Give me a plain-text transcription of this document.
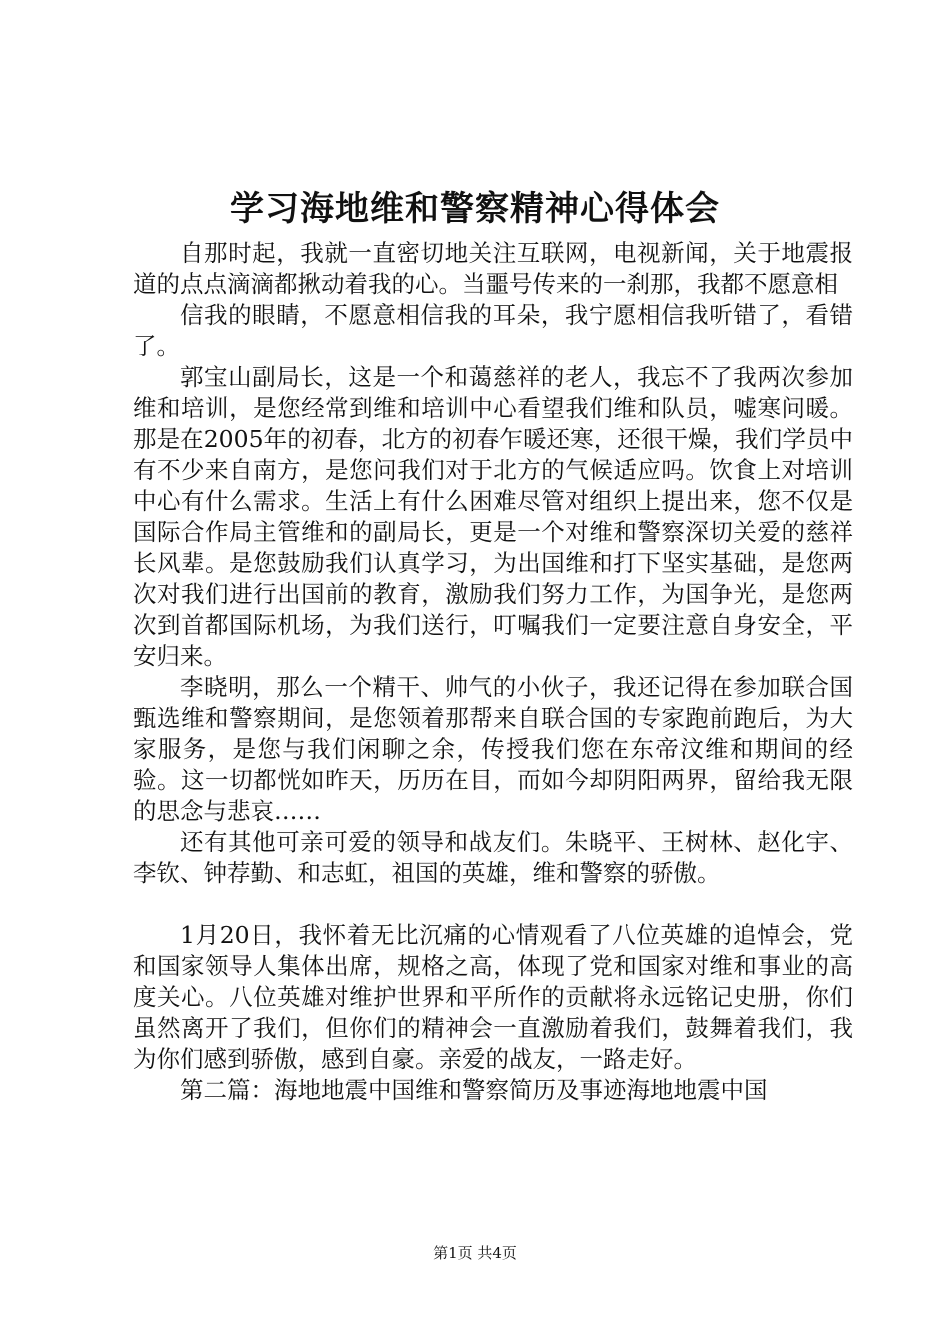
学习海地维和警察精神心得体会

自那时起，我就一直密切地关注互联网，电视新闻，关于地震报道的点点滴滴都揪动着我的心。当噩号传来的一刹那，我都不愿意相

信我的眼睛，不愿意相信我的耳朵，我宁愿相信我听错了，看错了。

郭宝山副局长，这是一个和蔼慈祥的老人，我忘不了我两次参加维和培训，是您经常到维和培训中心看望我们维和队员，嘘寒问暖。那是在2005年的初春，北方的初春乍暖还寒，还很干燥，我们学员中有不少来自南方，是您问我们对于北方的气候适应吗。饮食上对培训中心有什么需求。生活上有什么困难尽管对组织上提出来，您不仅是国际合作局主管维和的副局长，更是一个对维和警察深切关爱的慈祥长风辈。是您鼓励我们认真学习，为出国维和打下坚实基础，是您两次对我们进行出国前的教育，激励我们努力工作，为国争光，是您两次到首都国际机场，为我们送行，叮嘱我们一定要注意自身安全，平安归来。

李晓明，那么一个精干、帅气的小伙子，我还记得在参加联合国甄选维和警察期间，是您领着那帮来自联合国的专家跑前跑后，为大家服务，是您与我们闲聊之余，传授我们您在东帝汶维和期间的经验。这一切都恍如昨天，历历在目，而如今却阴阳两界，留给我无限的思念与悲哀……

还有其他可亲可爱的领导和战友们。朱晓平、王树林、赵化宇、李钦、钟荐勤、和志虹，祖国的英雄，维和警察的骄傲。

1月20日，我怀着无比沉痛的心情观看了八位英雄的追悼会，党和国家领导人集体出席，规格之高，体现了党和国家对维和事业的高度关心。八位英雄对维护世界和平所作的贡献将永远铭记史册，你们虽然离开了我们，但你们的精神会一直激励着我们，鼓舞着我们，我为你们感到骄傲，感到自豪。亲爱的战友，一路走好。

第二篇：海地地震中国维和警察简历及事迹海地地震中国

第1页 共4页
